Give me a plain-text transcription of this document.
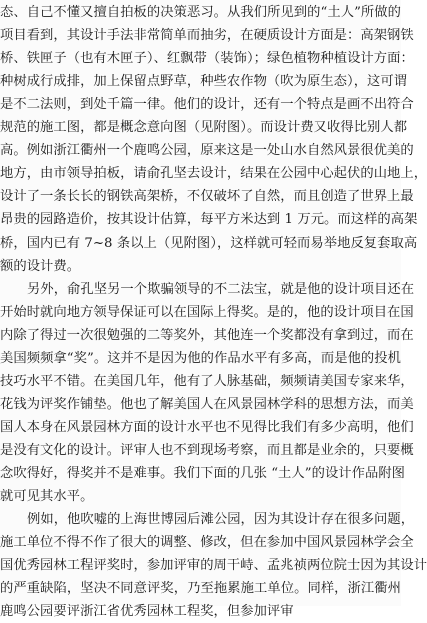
态、自己不懂又擅自拍板的决策恶习。从我们所见到的“土人”所做的
项目看到，其设计手法非常简单而抽劣，在硬质设计方面是：高架钢铁
桥、铁匣子（也有木匣子）、红飘带（装饰）；绿色植物种植设计方面：
种树成行成排，加上保留点野草，种些农作物（吹为原生态），这可谓
是不二法则，到处千篇一律。他们的设计，还有一个特点是画不出符合
规范的施工图，都是概念意向图（见附图）。而设计费又收得比别人都
高。例如浙江衢州一个鹿鸣公园，原来这是一处山水自然风景很优美的
地方，由市领导拍板，请俞孔坚去设计，结果在公园中心起伏的山地上，
设计了一条长长的钢铁高架桥，不仅破坏了自然，而且创造了世界上最
昂贵的园路造价，按其设计估算，每平方米达到 1 万元。而这样的高架
桥，国内已有 7~8 条以上（见附图），这样就可轻而易举地反复套取高
额的设计费。
另外，俞孔坚另一个欺骗领导的不二法宝，就是他的设计项目还在
开始时就向地方领导保证可以在国际上得奖。是的，他的设计项目在国
内除了得过一次很勉强的二等奖外，其他连一个奖都没有拿到过，而在
美国频频拿“奖”。这并不是因为他的作品水平有多高，而是他的投机
技巧水平不错。在美国几年，他有了人脉基础，频频请美国专家来华，
花钱为评奖作铺垫。他也了解美国人在风景园林学科的思想方法，而美
国人本身在风景园林方面的设计水平也不见得比我们有多少高明，他们
是没有文化的设计。评审人也不到现场考察，而且都是业余的，只要概
念吹得好，得奖并不是难事。我们下面的几张 “土人”的设计作品附图
就可见其水平。
例如，他吹嘘的上海世博园后滩公园，因为其设计存在很多问题，
施工单位不得不作了很大的调整、修改，但在参加中国风景园林学会全
国优秀园林工程评奖时，参加评审的周干峙、孟兆祯两位院士因为其设计
的严重缺陷，坚决不同意评奖，乃至拖累施工单位。同样，浙江衢州
鹿鸣公园要评浙江省优秀园林工程奖，但参加评审
